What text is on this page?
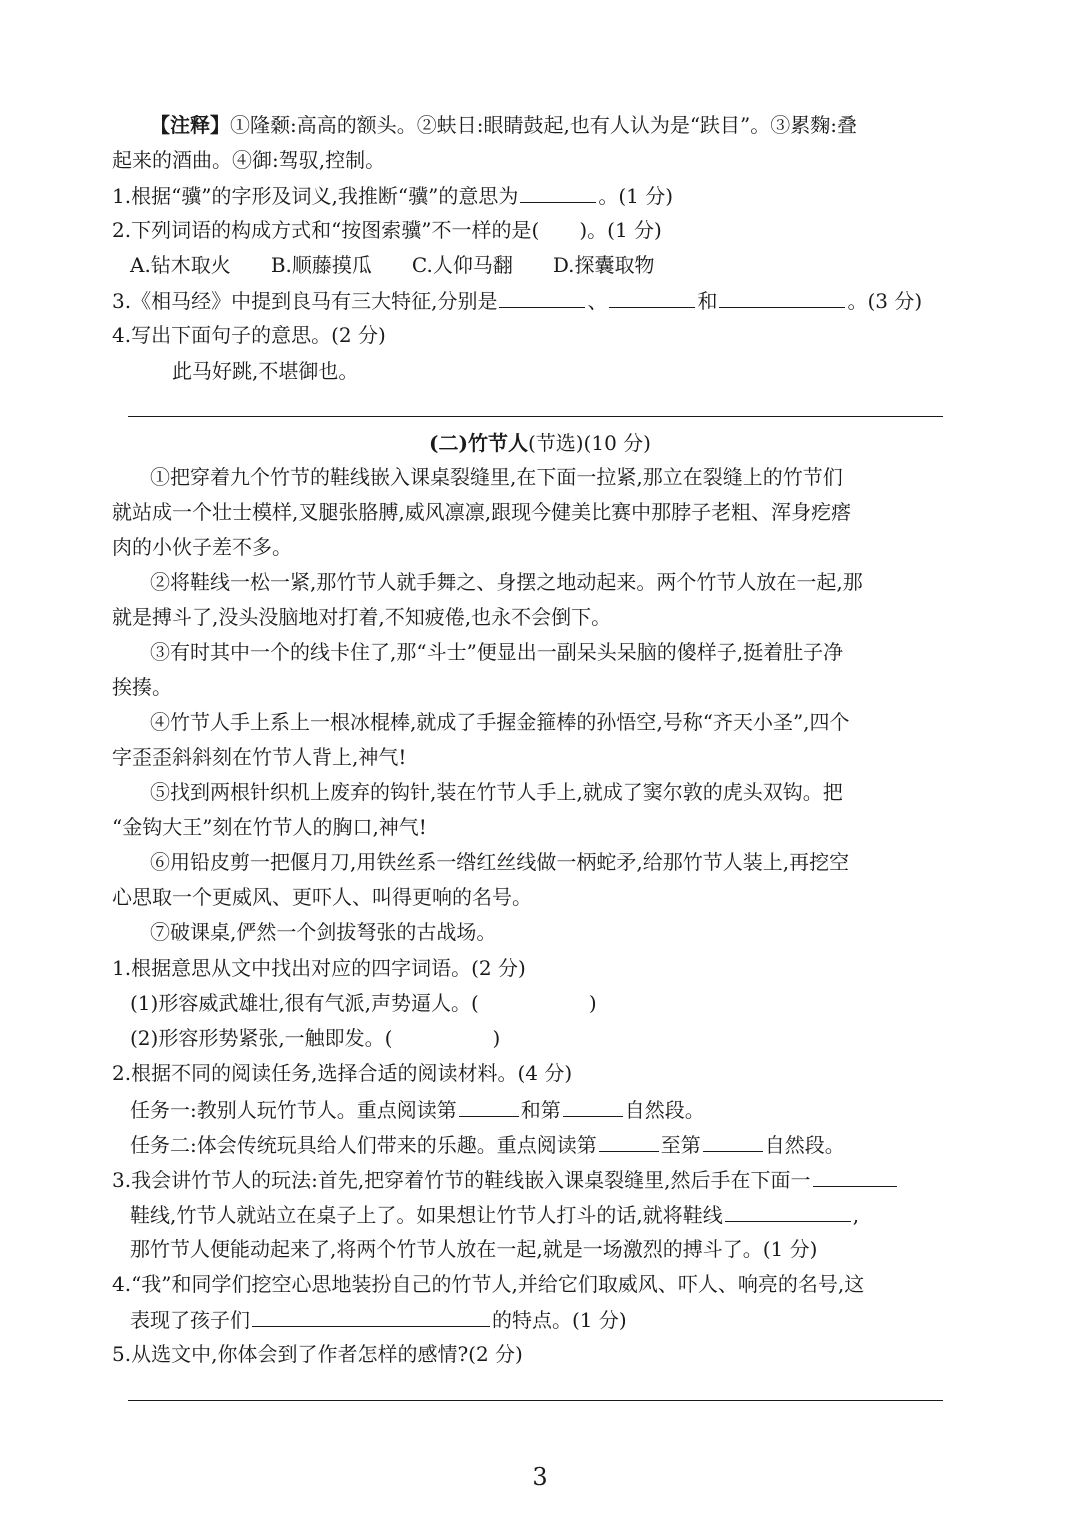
【注释】①隆颡:高高的额头。②蚨日:眼睛鼓起,也有人认为是“趺目”。③累麴:叠
起来的酒曲。④御:驾驭,控制。
1.根据“骥”的字形及词义,我推断“骥”的意思为	。(1 分)
2.下列词语的构成方式和“按图索骥”不一样的是(　　)。(1 分)
A.钻木取火 B.顺藤摸瓜 C.人仰马翻 D.探囊取物
3.《相马经》中提到良马有三大特征,分别是	、	和	。(3 分)
4.写出下面句子的意思。(2 分)
此马好跳,不堪御也。
(二)竹节人(节选)(10 分)
①把穿着九个竹节的鞋线嵌入课桌裂缝里,在下面一拉紧,那立在裂缝上的竹节们
就站成一个壮士模样,叉腿张胳膊,威风凛凛,跟现今健美比赛中那脖子老粗、浑身疙瘩
肉的小伙子差不多。
②将鞋线一松一紧,那竹节人就手舞之、身摆之地动起来。两个竹节人放在一起,那
就是搏斗了,没头没脑地对打着,不知疲倦,也永不会倒下。
③有时其中一个的线卡住了,那“斗士”便显出一副呆头呆脑的傻样子,挺着肚子净
挨揍。
④竹节人手上系上一根冰棍棒,就成了手握金箍棒的孙悟空,号称“齐天小圣”,四个
字歪歪斜斜刻在竹节人背上,神气!
⑤找到两根针织机上废弃的钩针,装在竹节人手上,就成了窦尔敦的虎头双钩。把
“金钩大王”刻在竹节人的胸口,神气!
⑥用铅皮剪一把偃月刀,用铁丝系一绺红丝线做一柄蛇矛,给那竹节人装上,再挖空
心思取一个更威风、更吓人、叫得更响的名号。
⑦破课桌,俨然一个剑拔弩张的古战场。
1.根据意思从文中找出对应的四字词语。(2 分)
(1)形容威武雄壮,很有气派,声势逼人。(	)
(2)形容形势紧张,一触即发。(	)
2.根据不同的阅读任务,选择合适的阅读材料。(4 分)
任务一:教别人玩竹节人。重点阅读第	和第	自然段。
任务二:体会传统玩具给人们带来的乐趣。重点阅读第	至第	自然段。
3.我会讲竹节人的玩法:首先,把穿着竹节的鞋线嵌入课桌裂缝里,然后手在下面一
鞋线,竹节人就站立在桌子上了。如果想让竹节人打斗的话,就将鞋线	,
那竹节人便能动起来了,将两个竹节人放在一起,就是一场激烈的搏斗了。(1 分)
4.“我”和同学们挖空心思地装扮自己的竹节人,并给它们取威风、吓人、响亮的名号,这
表现了孩子们	的特点。(1 分)
5.从选文中,你体会到了作者怎样的感情?(2 分)
3
